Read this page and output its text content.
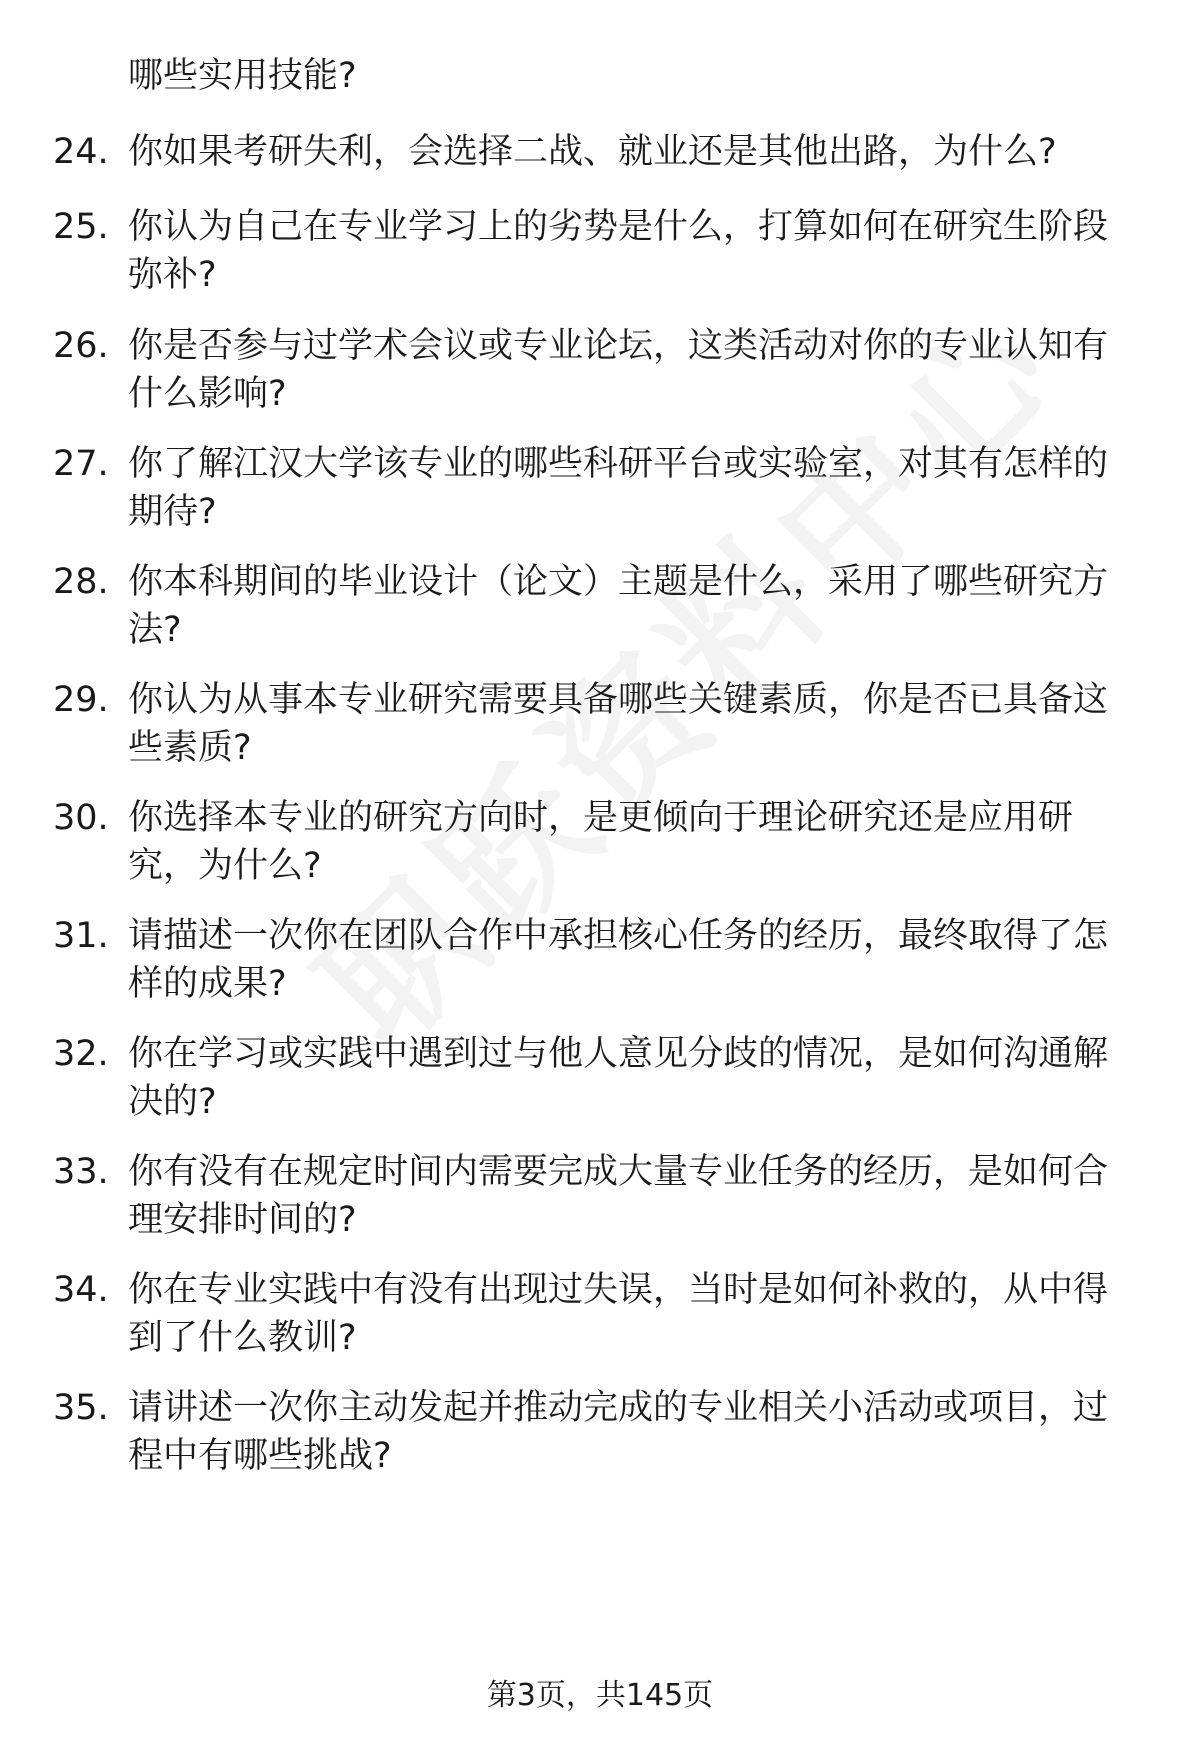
哪些实用技能?
24. 你如果考研失利，会选择二战、就业还是其他出路，为什么?
25. 你认为自己在专业学习上的劣势是什么，打算如何在研究生阶段
弥补?
26. 你是否参与过学术会议或专业论坛，这类活动对你的专业认知有
什么影响?
27. 你了解江汉大学该专业的哪些科研平台或实验室，对其有怎样的
期待?
28. 你本科期间的毕业设计（论文）主题是什么，采用了哪些研究方
法?
29. 你认为从事本专业研究需要具备哪些关键素质，你是否已具备这
些素质?
30. 你选择本专业的研究方向时，是更倾向于理论研究还是应用研
究，为什么?
31. 请描述一次你在团队合作中承担核心任务的经历，最终取得了怎
样的成果?
32. 你在学习或实践中遇到过与他人意见分歧的情况，是如何沟通解
决的?
33. 你有没有在规定时间内需要完成大量专业任务的经历，是如何合
理安排时间的?
34. 你在专业实践中有没有出现过失误，当时是如何补救的，从中得
到了什么教训?
35. 请讲述一次你主动发起并推动完成的专业相关小活动或项目，过
程中有哪些挑战?
第3页，共145页
